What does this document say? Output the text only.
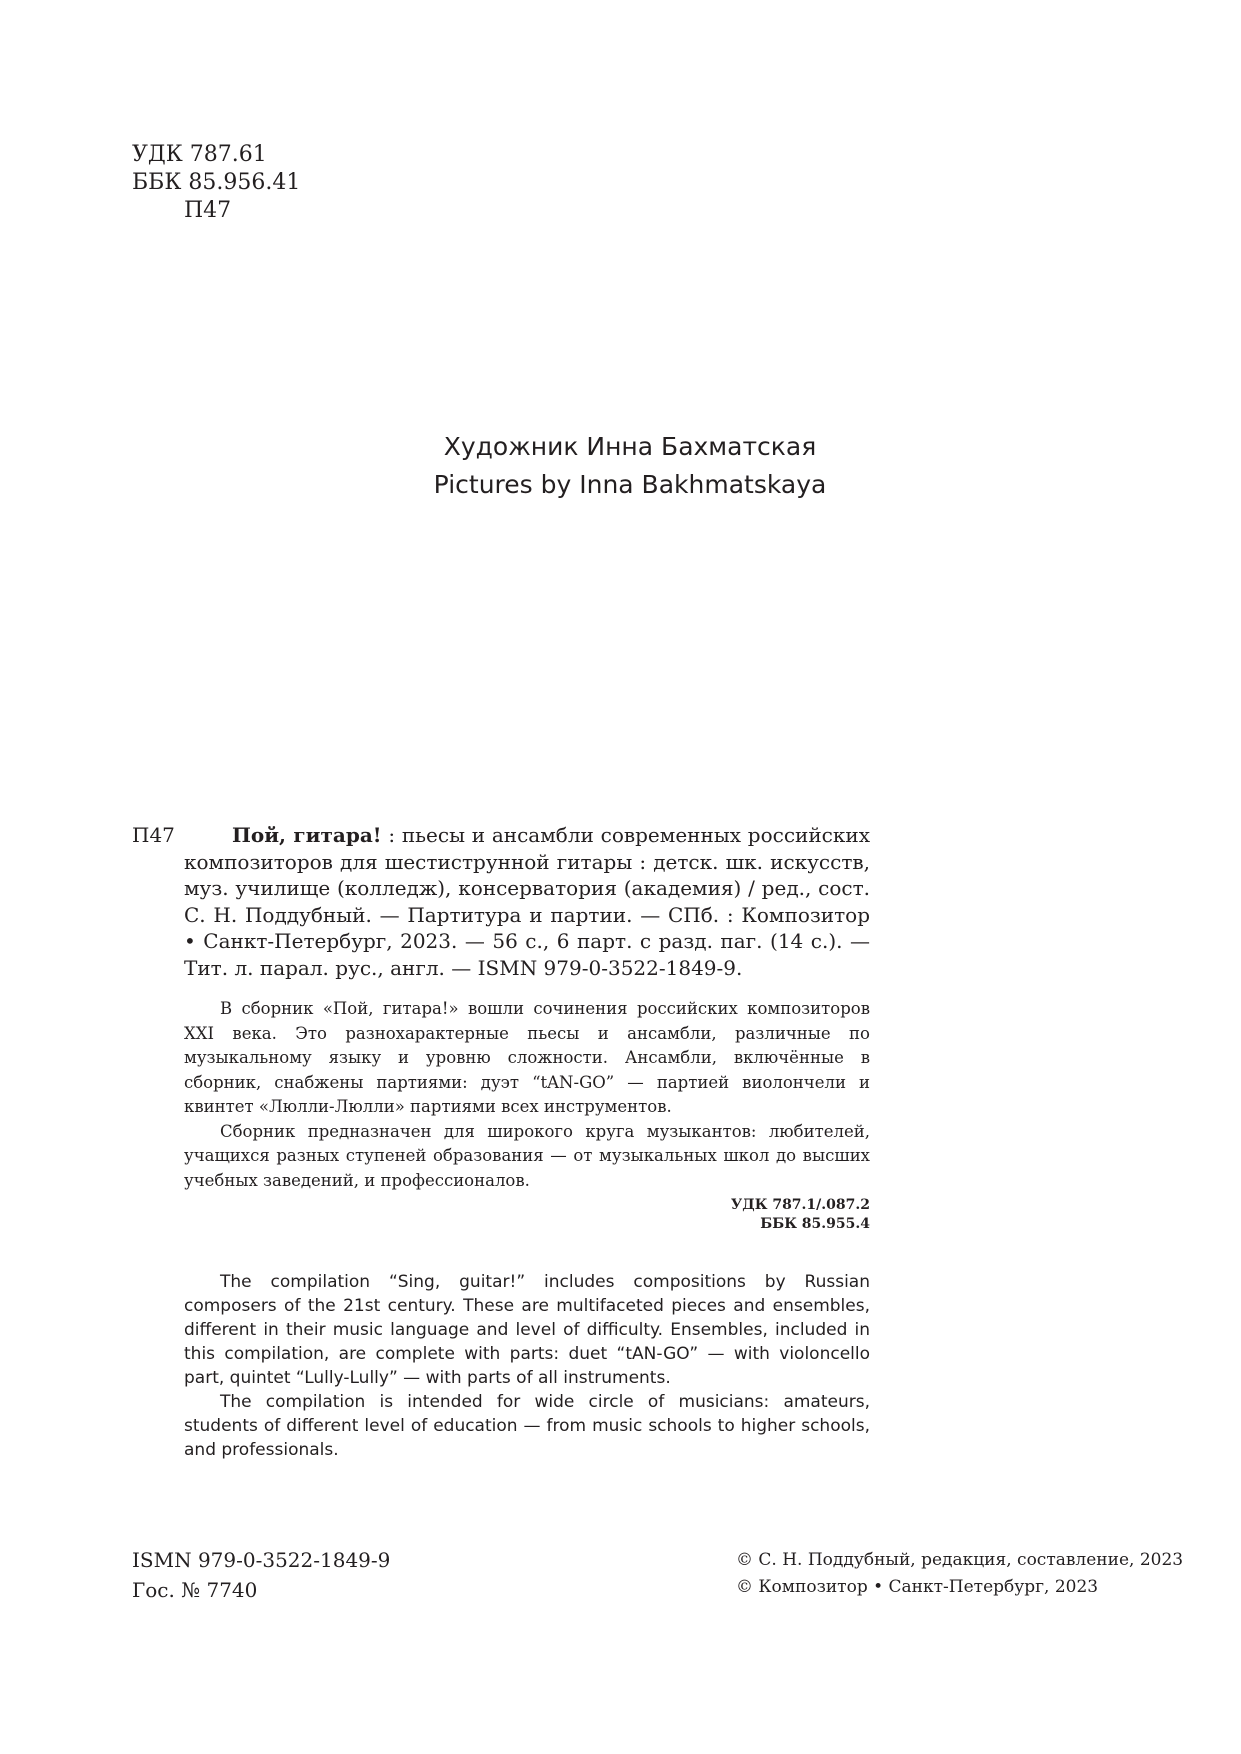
УДК 787.61
ББК 85.956.41
П47
Художник Инна Бахматская
Pictures by Inna Bakhmatskaya
П47	Пой, гитара! : пьесы и ансамбли современных российских композиторов для шестиструнной гитары : детск. шк. искусств, муз. училище (колледж), консерватория (академия) / ред., сост. С. Н. Поддубный. — Партитура и партии. — СПб. : Композитор • Санкт-Петербург, 2023. — 56 с., 6 парт. с разд. паг. (14 с.). — Тит. л. парал. рус., англ. — ISMN 979-0-3522-1849-9.

В сборник «Пой, гитара!» вошли сочинения российских композиторов XXI века. Это разнохарактерные пьесы и ансамбли, различные по музыкальному языку и уровню сложности. Ансамбли, включённые в сборник, снабжены партиями: дуэт “tAN-GO” — партией виолончели и квинтет «Люлли-Люлли» партиями всех инструментов.

Сборник предназначен для широкого круга музыкантов: любителей, учащихся разных ступеней образования — от музыкальных школ до высших учебных заведений, и профессионалов.

УДК 787.1/.087.2
ББК 85.955.4

The compilation “Sing, guitar!” includes compositions by Russian composers of the 21st century. These are multifaceted pieces and ensembles, different in their music language and level of difficulty. Ensembles, included in this compilation, are complete with parts: duet “tAN-GO” — with violoncello part, quintet “Lully-Lully” — with parts of all instruments.

The compilation is intended for wide circle of musicians: amateurs, students of different level of education — from music schools to higher schools, and professionals.

ISMN 979-0-3522-1849-9
Гос. № 7740
© С. Н. Поддубный, редакция, составление, 2023
© Композитор • Санкт-Петербург, 2023
